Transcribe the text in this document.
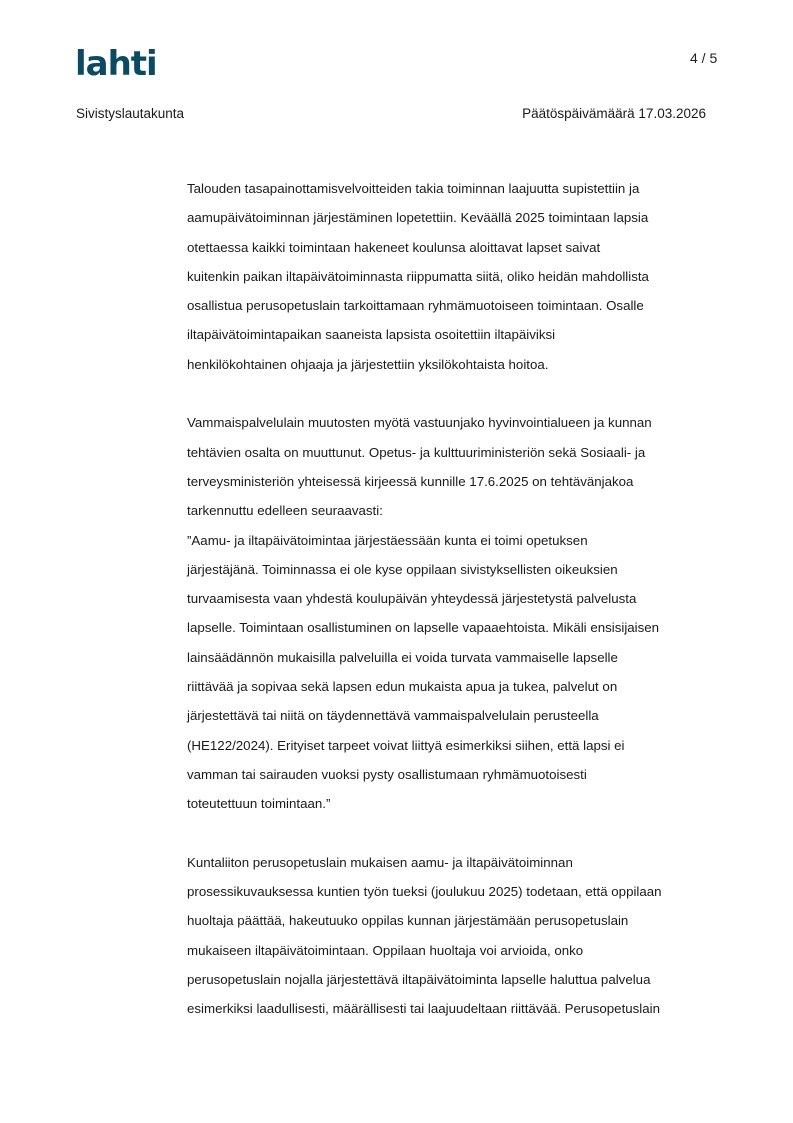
lahti	4 / 5
Sivistyslautakunta	Päätöspäivämäärä 17.03.2026

Talouden tasapainottamisvelvoitteiden takia toiminnan laajuutta supistettiin ja
aamupäivätoiminnan järjestäminen lopetettiin. Keväällä 2025 toimintaan lapsia
otettaessa kaikki toimintaan hakeneet koulunsa aloittavat lapset saivat
kuitenkin paikan iltapäivätoiminnasta riippumatta siitä, oliko heidän mahdollista
osallistua perusopetuslain tarkoittamaan ryhmämuotoiseen toimintaan. Osalle
iltapäivätoimintapaikan saaneista lapsista osoitettiin iltapäiviksi
henkilökohtainen ohjaaja ja järjestettiin yksilökohtaista hoitoa.

Vammaispalvelulain muutosten myötä vastuunjako hyvinvointialueen ja kunnan
tehtävien osalta on muuttunut. Opetus- ja kulttuuriministeriön sekä Sosiaali- ja
terveysministeriön yhteisessä kirjeessä kunnille 17.6.2025 on tehtävänjakoa
tarkennuttu edelleen seuraavasti:
”Aamu- ja iltapäivätoimintaa järjestäessään kunta ei toimi opetuksen
järjestäjänä. Toiminnassa ei ole kyse oppilaan sivistyksellisten oikeuksien
turvaamisesta vaan yhdestä koulupäivän yhteydessä järjestetystä palvelusta
lapselle. Toimintaan osallistuminen on lapselle vapaaehtoista. Mikäli ensisijaisen
lainsäädännön mukaisilla palveluilla ei voida turvata vammaiselle lapselle
riittävää ja sopivaa sekä lapsen edun mukaista apua ja tukea, palvelut on
järjestettävä tai niitä on täydennettävä vammaispalvelulain perusteella
(HE122/2024). Erityiset tarpeet voivat liittyä esimerkiksi siihen, että lapsi ei
vamman tai sairauden vuoksi pysty osallistumaan ryhmämuotoisesti
toteutettuun toimintaan.”

Kuntaliiton perusopetuslain mukaisen aamu- ja iltapäivätoiminnan
prosessikuvauksessa kuntien työn tueksi (joulukuu 2025) todetaan, että oppilaan
huoltaja päättää, hakeutuuko oppilas kunnan järjestämään perusopetuslain
mukaiseen iltapäivätoimintaan. Oppilaan huoltaja voi arvioida, onko
perusopetuslain nojalla järjestettävä iltapäivätoiminta lapselle haluttua palvelua
esimerkiksi laadullisesti, määrällisesti tai laajuudeltaan riittävää. Perusopetuslain
